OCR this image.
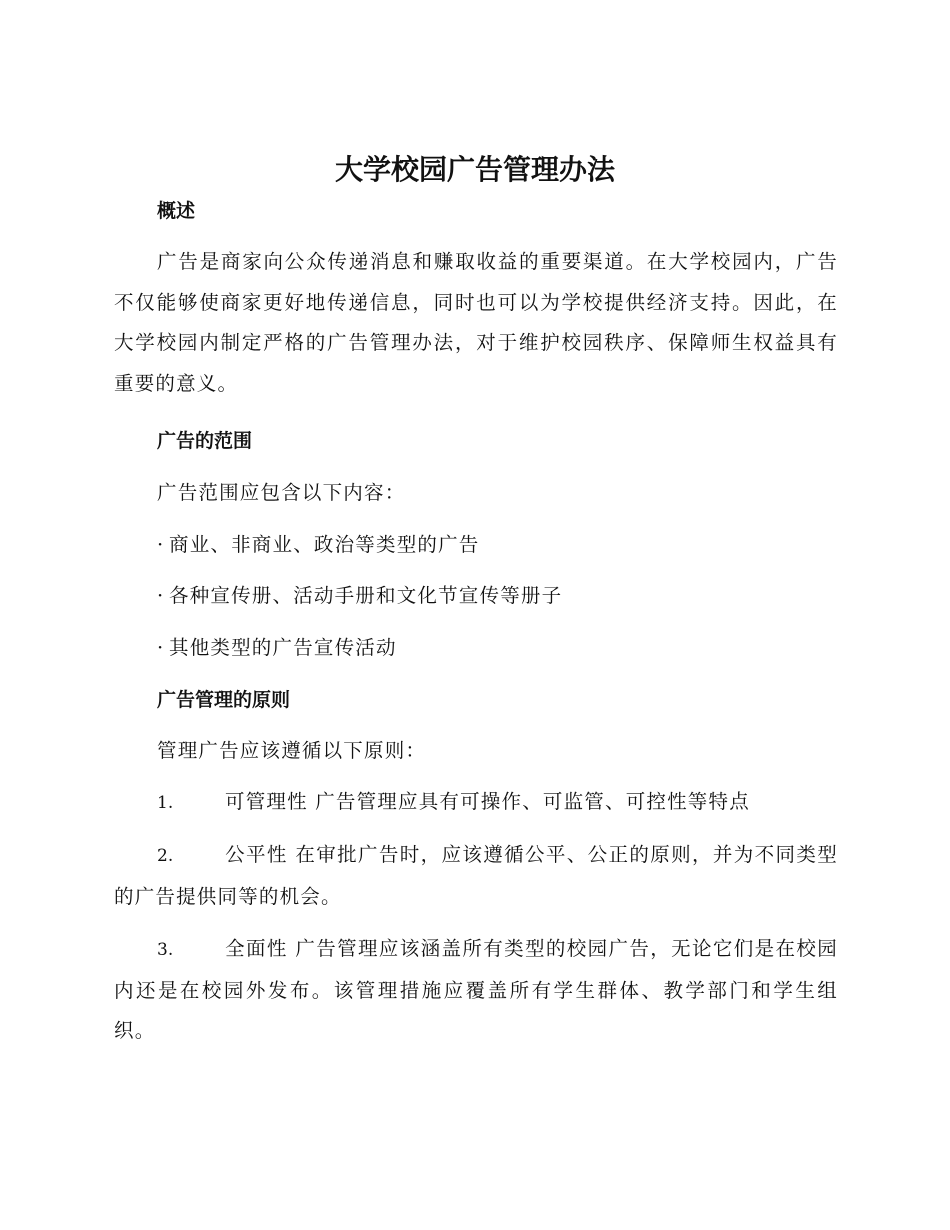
大学校园广告管理办法
概述
广告是商家向公众传递消息和赚取收益的重要渠道。在大学校园内，广告不仅能够使商家更好地传递信息，同时也可以为学校提供经济支持。因此，在大学校园内制定严格的广告管理办法，对于维护校园秩序、保障师生权益具有重要的意义。
广告的范围
广告范围应包含以下内容：
· 商业、非商业、政治等类型的广告
· 各种宣传册、活动手册和文化节宣传等册子
· 其他类型的广告宣传活动
广告管理的原则
管理广告应该遵循以下原则：
1.	可管理性 广告管理应具有可操作、可监管、可控性等特点
2.	公平性 在审批广告时，应该遵循公平、公正的原则，并为不同类型的广告提供同等的机会。
3.	全面性 广告管理应该涵盖所有类型的校园广告，无论它们是在校园内还是在校园外发布。该管理措施应覆盖所有学生群体、教学部门和学生组织。
